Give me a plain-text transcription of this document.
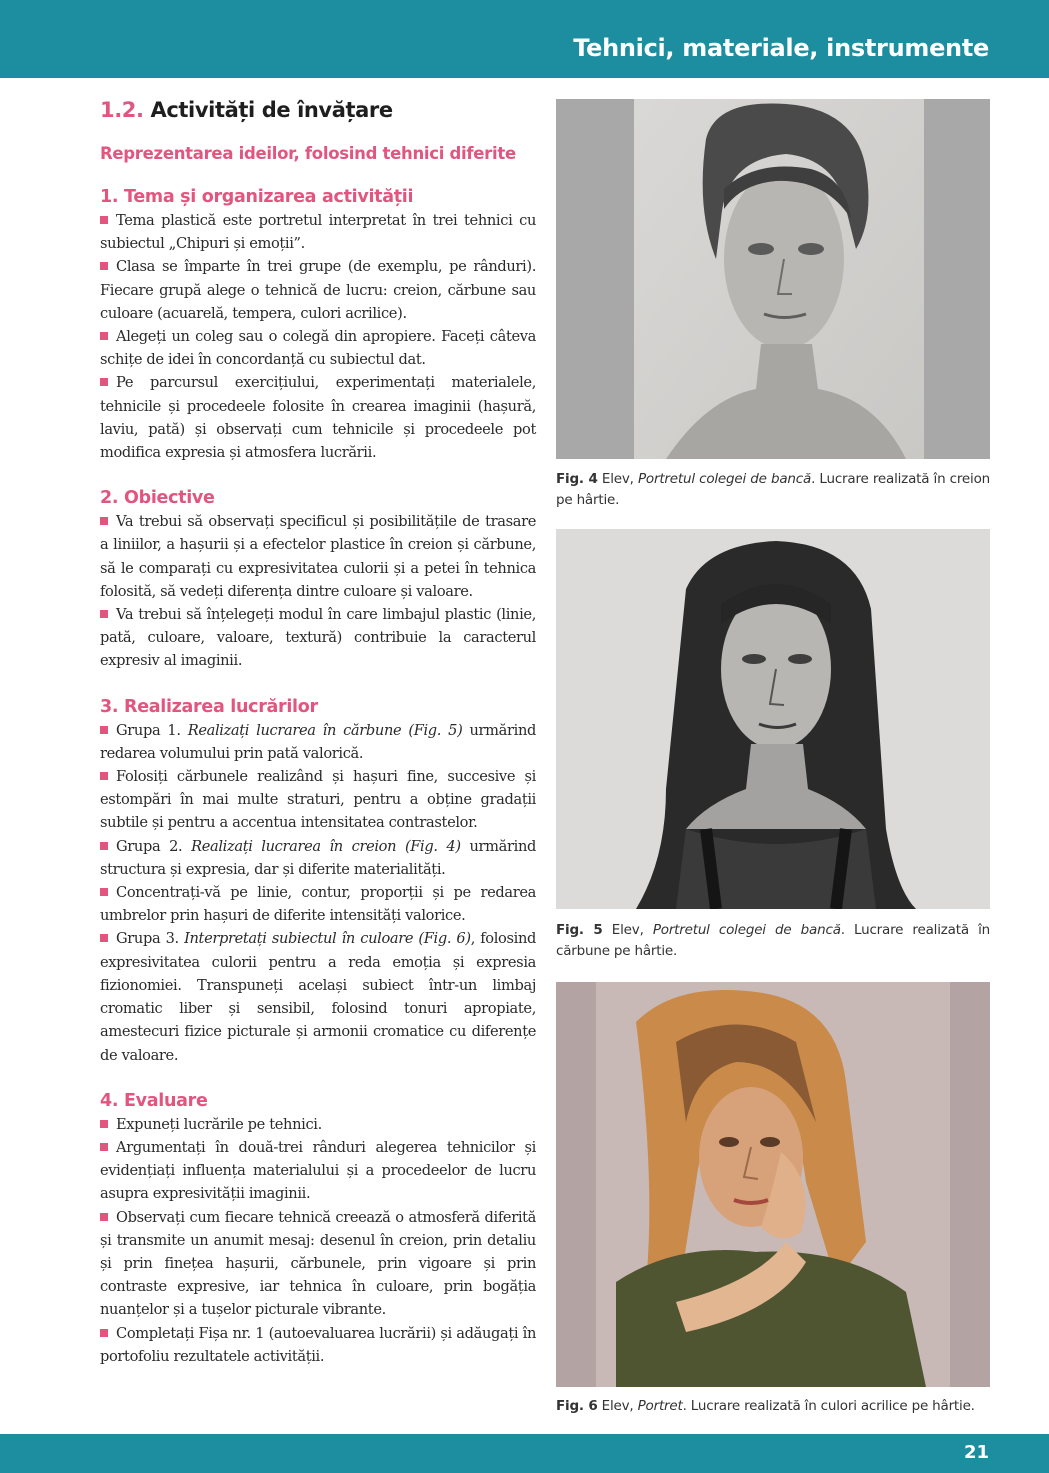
Tehnici, materiale, instrumente
1.2. Activități de învățare
Reprezentarea ideilor, folosind tehnici diferite
1. Tema și organizarea activității

Tema plastică este portretul interpretat în trei tehnici cu subiectul „Chipuri și emoții”.

Clasa se împarte în trei grupe (de exemplu, pe rânduri). Fiecare grupă alege o tehnică de lucru: creion, cărbune sau culoare (acuarelă, tempera, culori acrilice).

Alegeți un coleg sau o colegă din apropiere. Faceți câteva schițe de idei în concordanță cu subiectul dat.

Pe parcursul exercițiului, experimentați materialele, tehnicile și procedeele folosite în crearea imaginii (hașură, laviu, pată) și observați cum tehnicile și procedeele pot modifica expresia și atmosfera lucrării.

2. Obiective

Va trebui să observați specificul și posibilitățile de trasare a liniilor, a hașurii și a efectelor plastice în creion și cărbune, să le comparați cu expresivitatea culorii și a petei în tehnica folosită, să vedeți diferența dintre culoare și valoare.

Va trebui să înțelegeți modul în care limbajul plastic (linie, pată, culoare, valoare, textură) contribuie la caracterul expresiv al imaginii.

3. Realizarea lucrărilor

Grupa 1. Realizați lucrarea în cărbune (Fig. 5) urmărind redarea volumului prin pată valorică.

Folosiți cărbunele realizând și hașuri fine, succesive și estompări în mai multe straturi, pentru a obține gradații subtile și pentru a accentua intensitatea contrastelor.

Grupa 2. Realizați lucrarea în creion (Fig. 4) urmărind structura și expresia, dar și diferite materialități.

Concentrați-vă pe linie, contur, proporții și pe redarea umbrelor prin hașuri de diferite intensități valorice.

Grupa 3. Interpretați subiectul în culoare (Fig. 6), folosind expresivitatea culorii pentru a reda emoția și expresia fizionomiei. Transpuneți același subiect într-un limbaj cromatic liber și sensibil, folosind tonuri apropiate, amestecuri fizice picturale și armonii cromatice cu diferențe de valoare.

4. Evaluare

Expuneți lucrările pe tehnici.

Argumentați în două-trei rânduri alegerea tehnicilor și evidențiați influența materialului și a procedeelor de lucru asupra expresivității imaginii.

Observați cum fiecare tehnică creează o atmosferă diferită și transmite un anumit mesaj: desenul în creion, prin detaliu și prin finețea hașurii, cărbunele, prin vigoare și prin contraste expresive, iar tehnica în culoare, prin bogăția nuanțelor și a tușelor picturale vibrante.

Completați Fișa nr. 1 (autoevaluarea lucrării) și adăugați în portofoliu rezultatele activității.

Fig. 4 Elev, Portretul colegei de bancă. Lucrare realizată în creion pe hârtie.
Fig. 5 Elev, Portretul colegei de bancă. Lucrare realizată în cărbune pe hârtie.
Fig. 6 Elev, Portret. Lucrare realizată în culori acrilice pe hârtie.
21
